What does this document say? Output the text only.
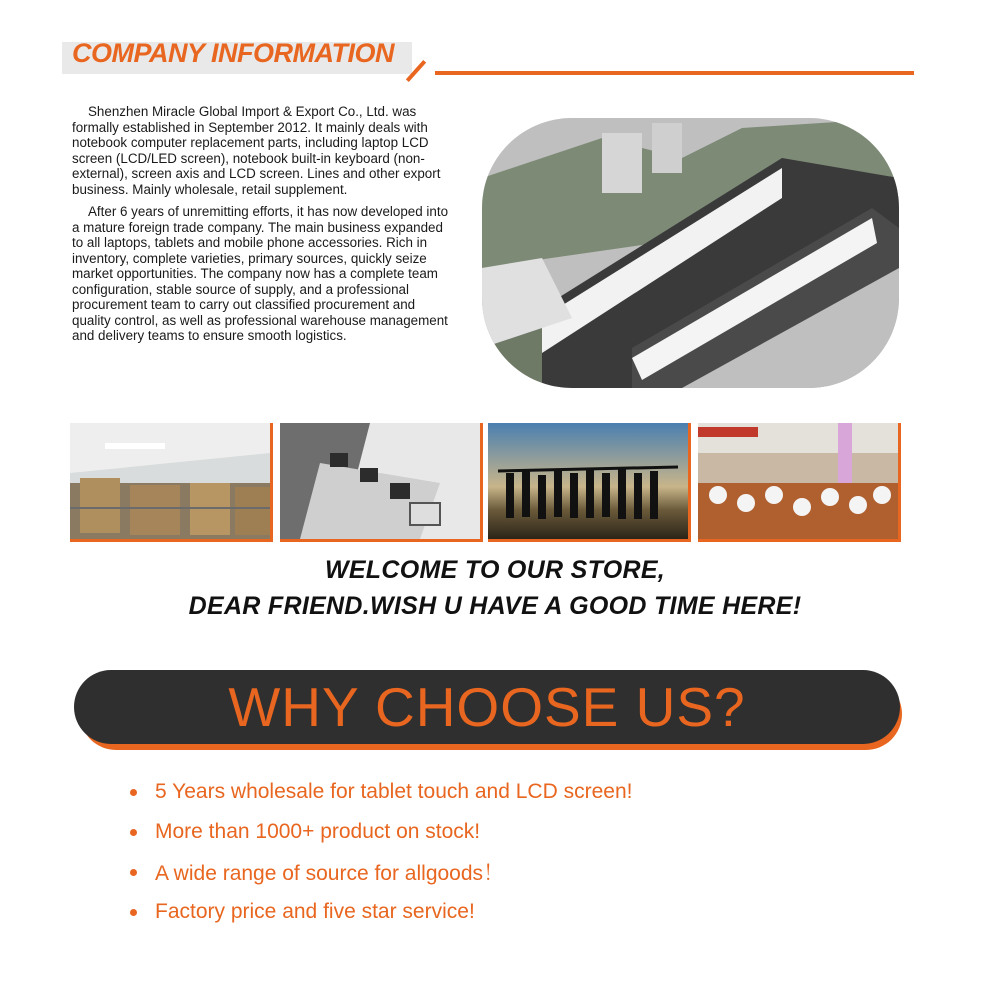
COMPANY INFORMATION

Shenzhen Miracle Global Import & Export Co., Ltd. was formally established in September 2012. It mainly deals with notebook computer replacement parts, including laptop LCD screen (LCD/LED screen), notebook built-in keyboard (non-external), screen axis and LCD screen. Lines and other export business. Mainly wholesale, retail supplement.

After 6 years of unremitting efforts, it has now developed into a mature foreign trade company. The main business expanded to all laptops, tablets and mobile phone accessories. Rich in inventory, complete varieties, primary sources, quickly seize market opportunities. The company now has a complete team configuration, stable source of supply, and a professional procurement team to carry out classified procurement and quality control, as well as professional warehouse management and delivery teams to ensure smooth logistics.

WELCOME TO OUR STORE,
DEAR FRIEND.WISH U HAVE A GOOD TIME HERE!
WHY CHOOSE US?
5 Years wholesale for tablet touch and LCD screen!
More than 1000+ product on stock!
A wide range of source for allgoods！
Factory price and five star service!
